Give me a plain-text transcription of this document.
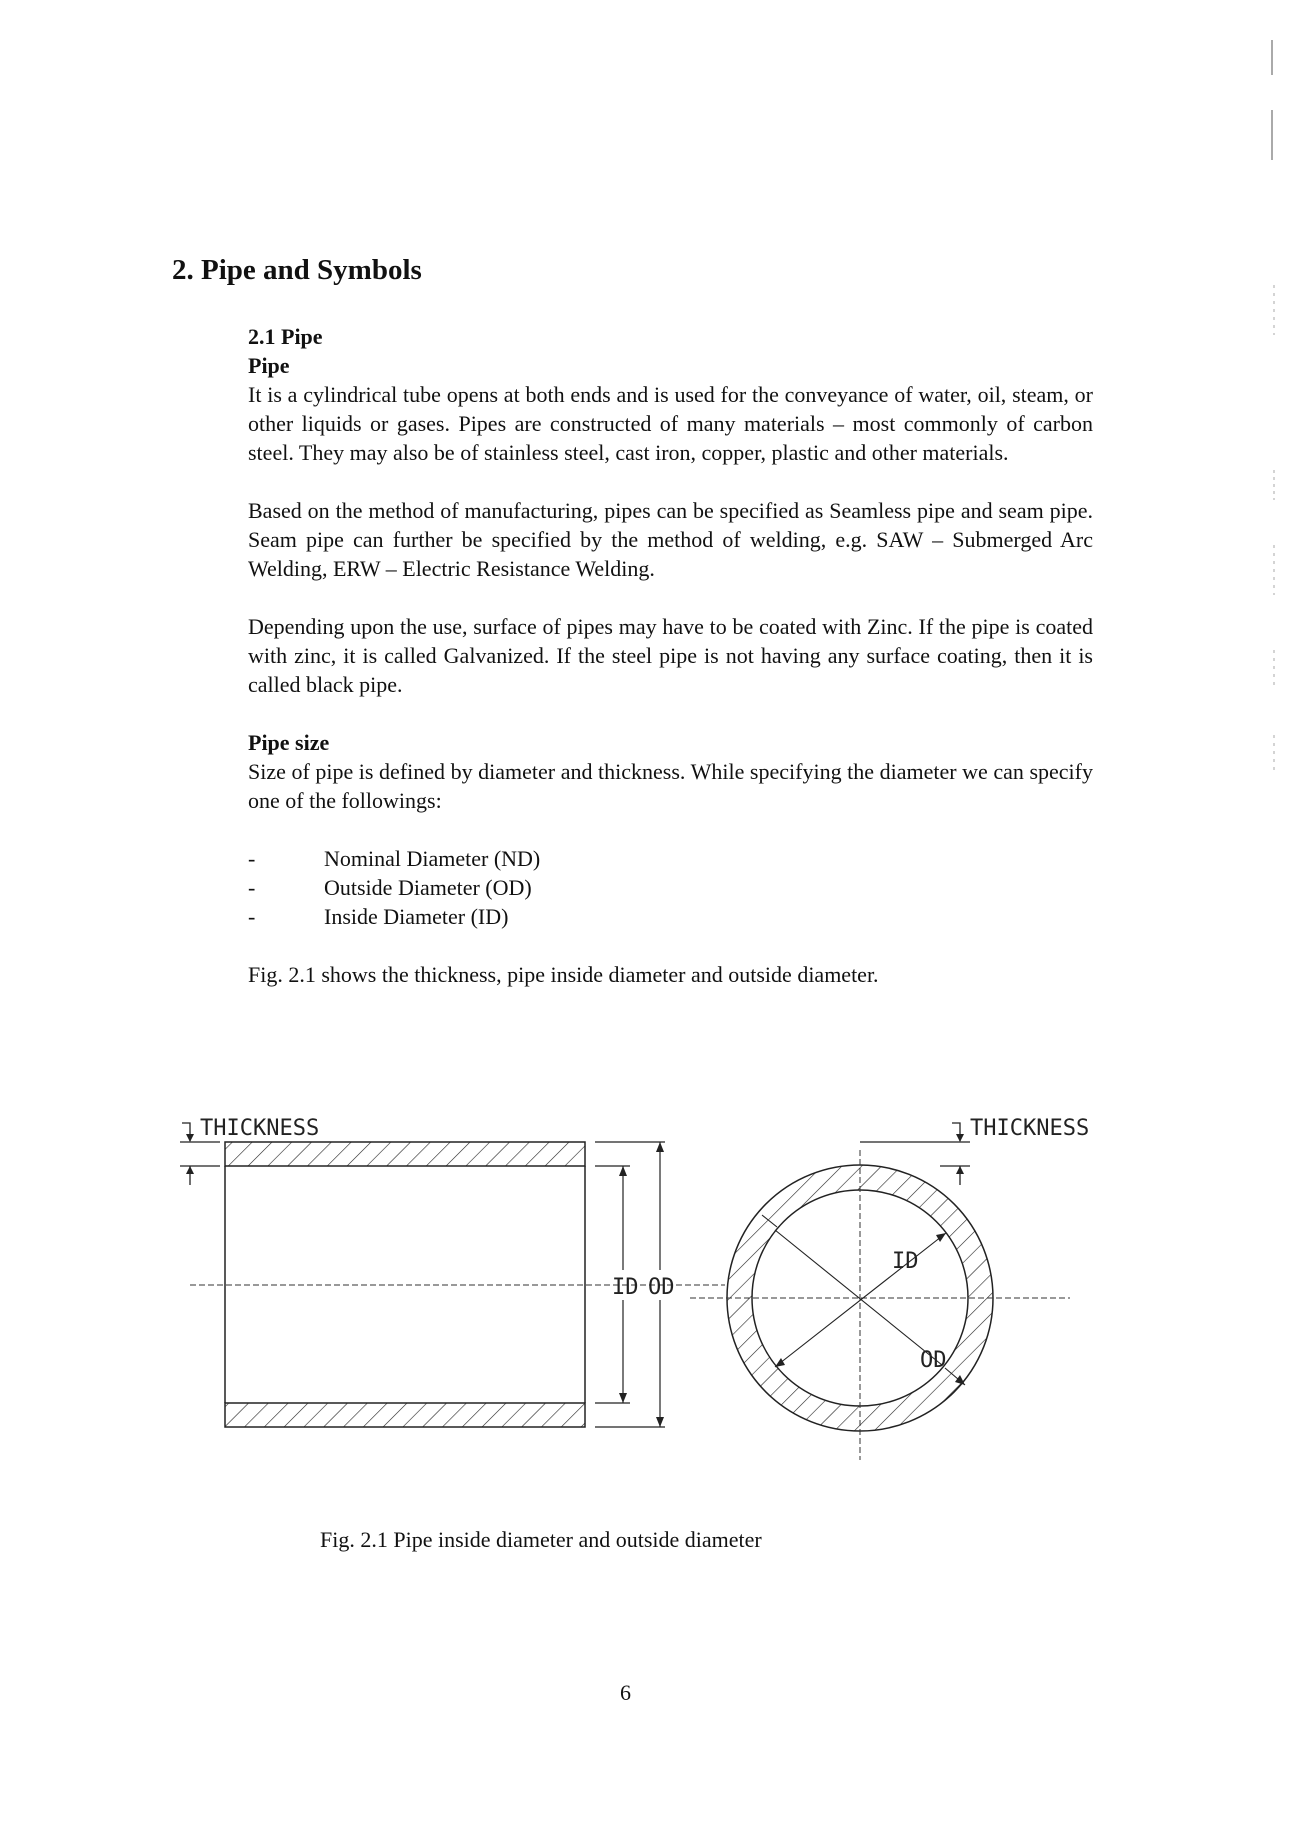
2. Pipe and Symbols
2.1 Pipe
Pipe

It is a cylindrical tube opens at both ends and is used for the conveyance of water, oil, steam, or other liquids or gases. Pipes are constructed of many materials – most commonly of carbon steel. They may also be of stainless steel, cast iron, copper, plastic and other materials.

Based on the method of manufacturing, pipes can be specified as Seamless pipe and seam pipe. Seam pipe can further be specified by the method of welding, e.g. SAW – Submerged Arc Welding, ERW – Electric Resistance Welding.

Depending upon the use, surface of pipes may have to be coated with Zinc. If the pipe is coated with zinc, it is called Galvanized. If the steel pipe is not having any surface coating, then it is called black pipe.

Pipe size

Size of pipe is defined by diameter and thickness. While specifying the diameter we can specify one of the followings:

-	Nominal Diameter (ND)
-	Outside Diameter (OD)
-	Inside Diameter (ID)

Fig. 2.1 shows the thickness, pipe inside diameter and outside diameter.

THICKNESS
ID OD
ID
OD
THICKNESS
Fig. 2.1 Pipe inside diameter and outside diameter
6
